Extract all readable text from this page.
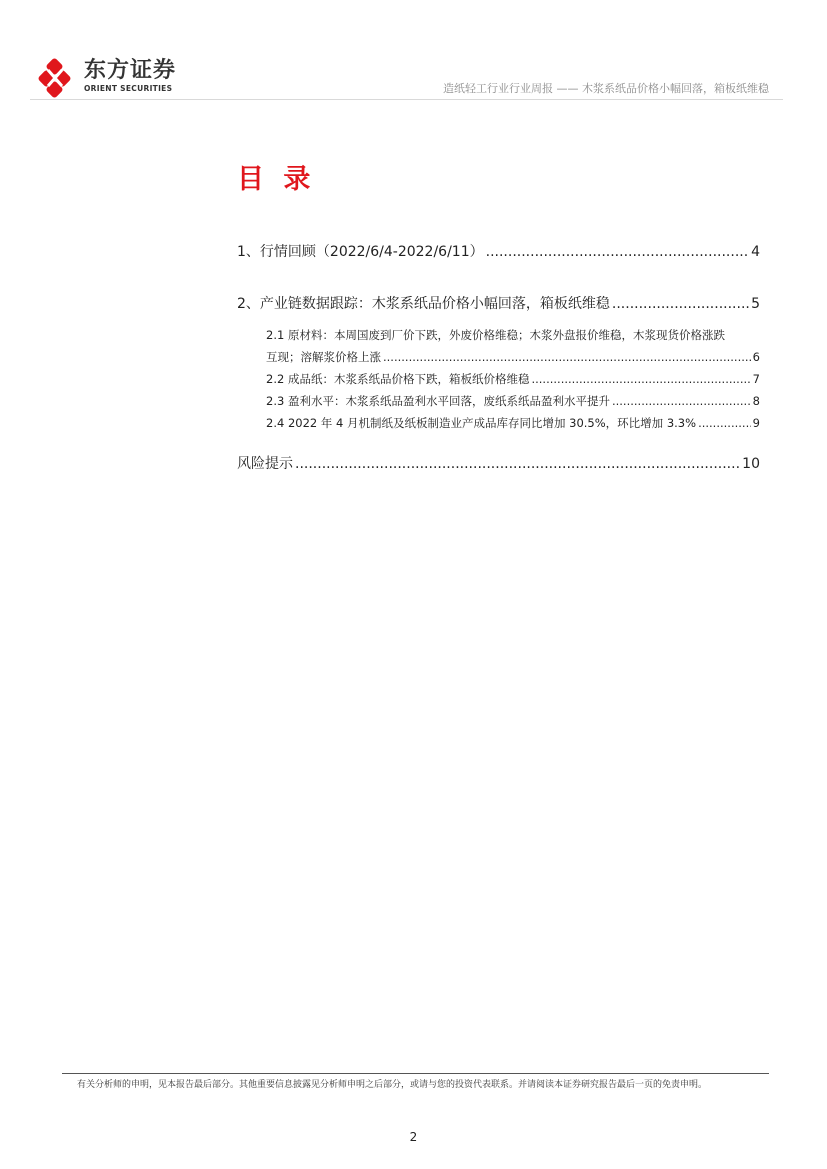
东方证券
ORIENT SECURITIES	造纸轻工行业行业周报 —— 木浆系纸品价格小幅回落，箱板纸维稳
目 录
1、行情回顾（2022/6/4-2022/6/11） .....	4
2、产业链数据跟踪：木浆系纸品价格小幅回落，箱板纸维稳 .....	5
2.1 原材料：本周国废到厂价下跌，外废价格维稳；木浆外盘报价维稳，木浆现货价格涨跌
互现；溶解浆价格上涨 .....	6
2.2 成品纸：木浆系纸品价格下跌，箱板纸价格维稳 .....	7
2.3 盈利水平：木浆系纸品盈利水平回落，废纸系纸品盈利水平提升 .....	8
2.4 2022 年 4 月机制纸及纸板制造业产成品库存同比增加 30.5%，环比增加 3.3% .....	9
风险提示 .....	10
有关分析师的申明，见本报告最后部分。其他重要信息披露见分析师申明之后部分，或请与您的投资代表联系。并请阅读本证券研究报告最后一页的免责申明。
2
